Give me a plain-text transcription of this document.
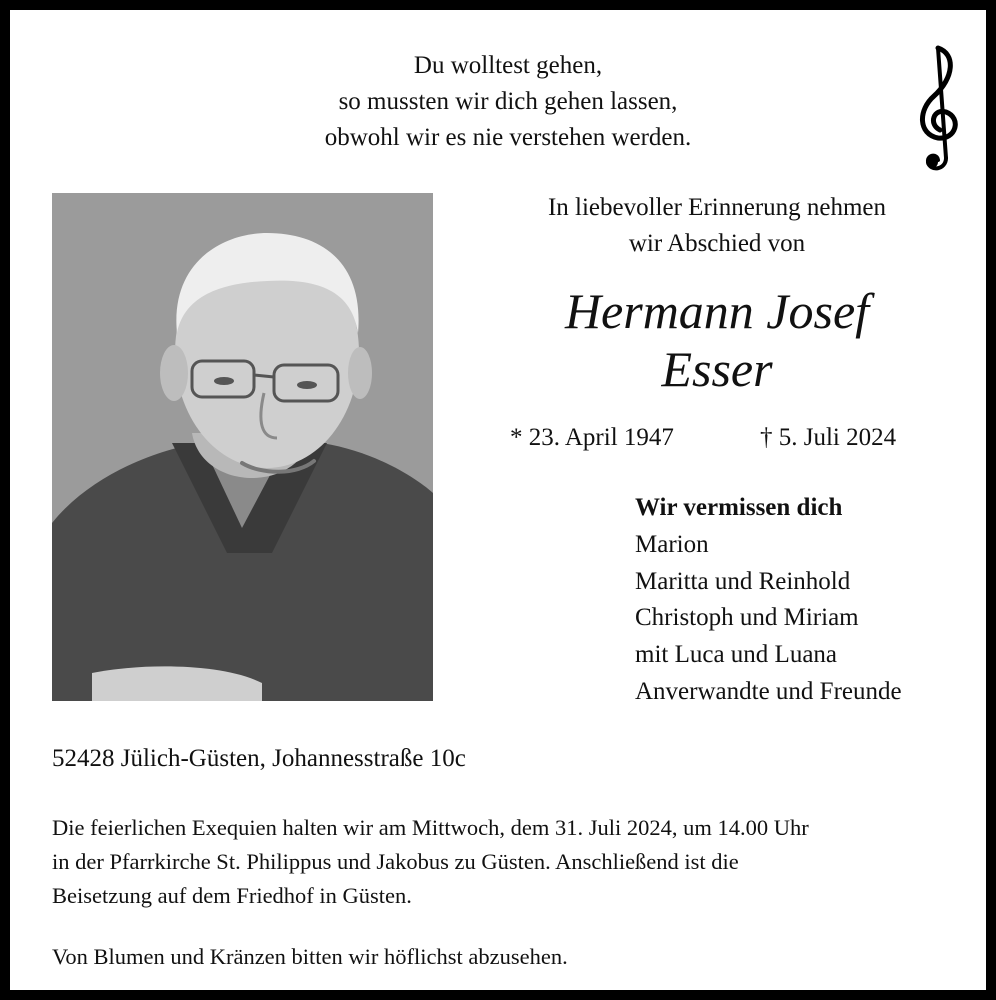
Du wolltest gehen,
so mussten wir dich gehen lassen,
obwohl wir es nie verstehen werden.
In liebevoller Erinnerung nehmen
wir Abschied von
Hermann Josef
Esser
* 23. April 1947	† 5. Juli 2024
Wir vermissen dich
Marion
Maritta und Reinhold
Christoph und Miriam
mit Luca und Luana
Anverwandte und Freunde
52428 Jülich-Güsten, Johannesstraße 10c
Die feierlichen Exequien halten wir am Mittwoch, dem 31. Juli 2024, um 14.00 Uhr
in der Pfarrkirche St. Philippus und Jakobus zu Güsten. Anschließend ist die
Beisetzung auf dem Friedhof in Güsten.
Von Blumen und Kränzen bitten wir höflichst abzusehen.
